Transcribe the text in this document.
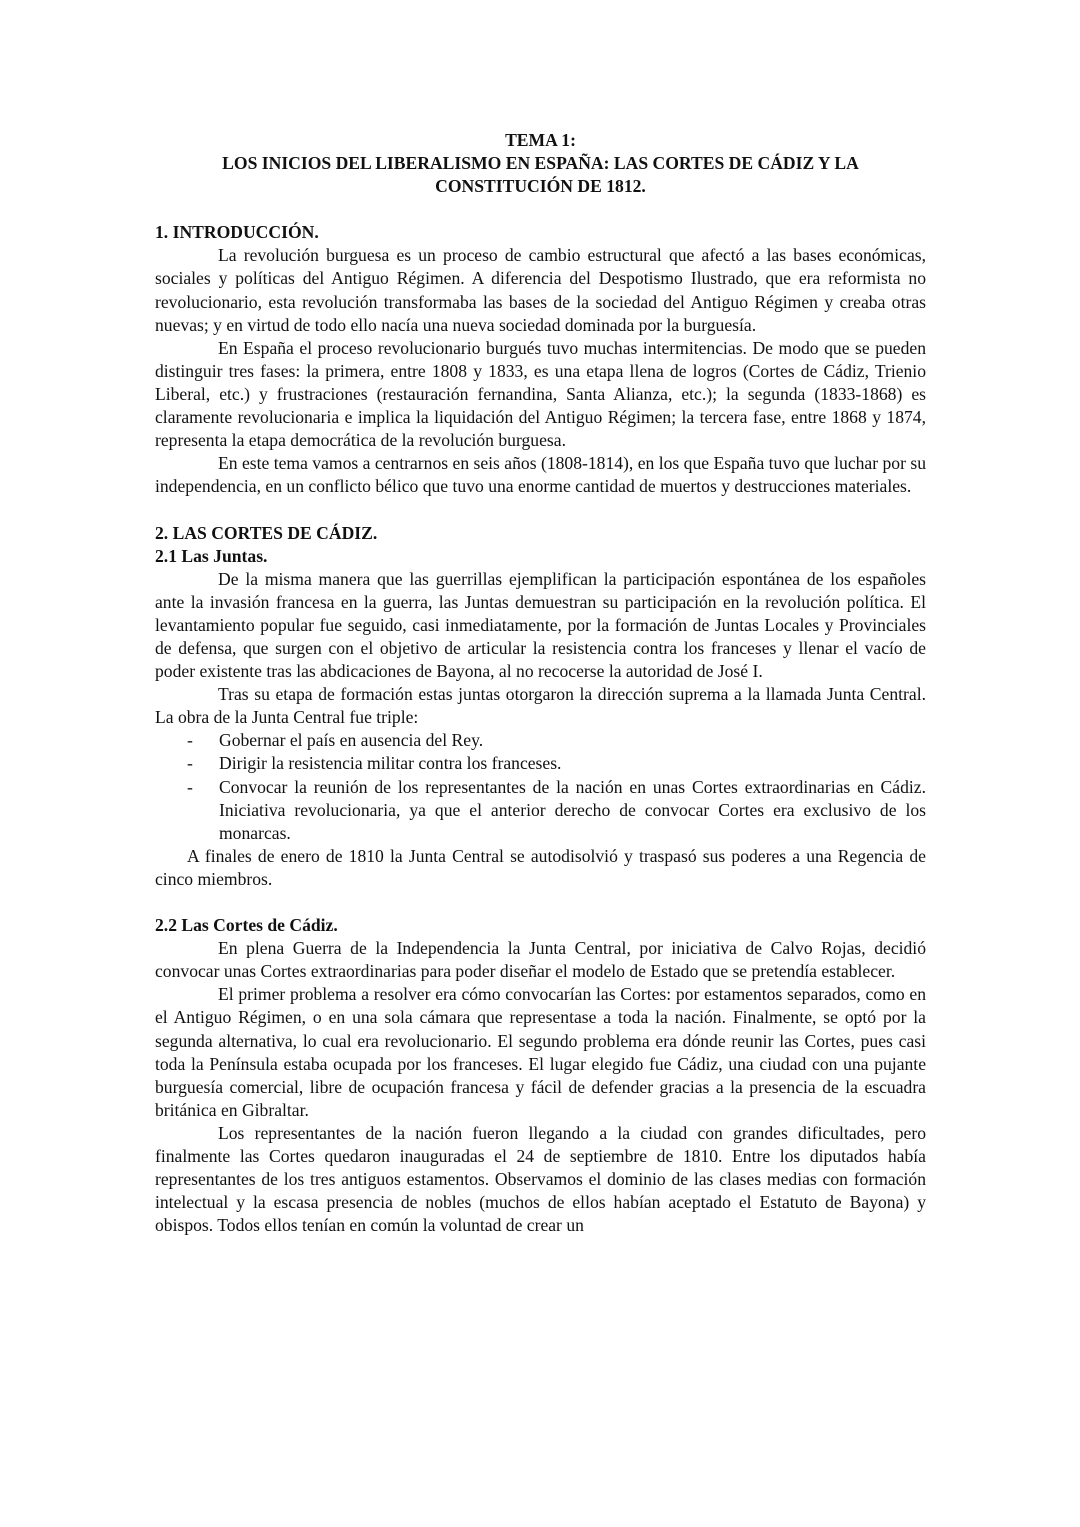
TEMA 1:
LOS INICIOS DEL LIBERALISMO EN ESPAÑA: LAS CORTES DE CÁDIZ Y LA
CONSTITUCIÓN DE 1812.
1. INTRODUCCIÓN.

La revolución burguesa es un proceso de cambio estructural que afectó a las bases económicas, sociales y políticas del Antiguo Régimen. A diferencia del Despotismo Ilustrado, que era reformista no revolucionario, esta revolución transformaba las bases de la sociedad del Antiguo Régimen y creaba otras nuevas; y en virtud de todo ello nacía una nueva sociedad dominada por la burguesía.

En España el proceso revolucionario burgués tuvo muchas intermitencias. De modo que se pueden distinguir tres fases: la primera, entre 1808 y 1833, es una etapa llena de logros (Cortes de Cádiz, Trienio Liberal, etc.) y frustraciones (restauración fernandina, Santa Alianza, etc.); la segunda (1833-1868) es claramente revolucionaria e implica la liquidación del Antiguo Régimen; la tercera fase, entre 1868 y 1874, representa la etapa democrática de la revolución burguesa.

En este tema vamos a centrarnos en seis años (1808-1814), en los que España tuvo que luchar por su independencia, en un conflicto bélico que tuvo una enorme cantidad de muertos y destrucciones materiales.

2. LAS CORTES DE CÁDIZ.
2.1 Las Juntas.

De la misma manera que las guerrillas ejemplifican la participación espontánea de los españoles ante la invasión francesa en la guerra, las Juntas demuestran su participación en la revolución política. El levantamiento popular fue seguido, casi inmediatamente, por la formación de Juntas Locales y Provinciales de defensa, que surgen con el objetivo de articular la resistencia contra los franceses y llenar el vacío de poder existente tras las abdicaciones de Bayona, al no recocerse la autoridad de José I.

Tras su etapa de formación estas juntas otorgaron la dirección suprema a la llamada Junta Central. La obra de la Junta Central fue triple:

- Gobernar el país en ausencia del Rey.
- Dirigir la resistencia militar contra los franceses.
- Convocar la reunión de los representantes de la nación en unas Cortes extraordinarias en Cádiz. Iniciativa revolucionaria, ya que el anterior derecho de convocar Cortes era exclusivo de los monarcas.

A finales de enero de 1810 la Junta Central se autodisolvió y traspasó sus poderes a una Regencia de cinco miembros.

2.2 Las Cortes de Cádiz.

En plena Guerra de la Independencia la Junta Central, por iniciativa de Calvo Rojas, decidió convocar unas Cortes extraordinarias para poder diseñar el modelo de Estado que se pretendía establecer.

El primer problema a resolver era cómo convocarían las Cortes: por estamentos separados, como en el Antiguo Régimen, o en una sola cámara que representase a toda la nación. Finalmente, se optó por la segunda alternativa, lo cual era revolucionario. El segundo problema era dónde reunir las Cortes, pues casi toda la Península estaba ocupada por los franceses. El lugar elegido fue Cádiz, una ciudad con una pujante burguesía comercial, libre de ocupación francesa y fácil de defender gracias a la presencia de la escuadra británica en Gibraltar.

Los representantes de la nación fueron llegando a la ciudad con grandes dificultades, pero finalmente las Cortes quedaron inauguradas el 24 de septiembre de 1810. Entre los diputados había representantes de los tres antiguos estamentos. Observamos el dominio de las clases medias con formación intelectual y la escasa presencia de nobles (muchos de ellos habían aceptado el Estatuto de Bayona) y obispos. Todos ellos tenían en común la voluntad de crear un
